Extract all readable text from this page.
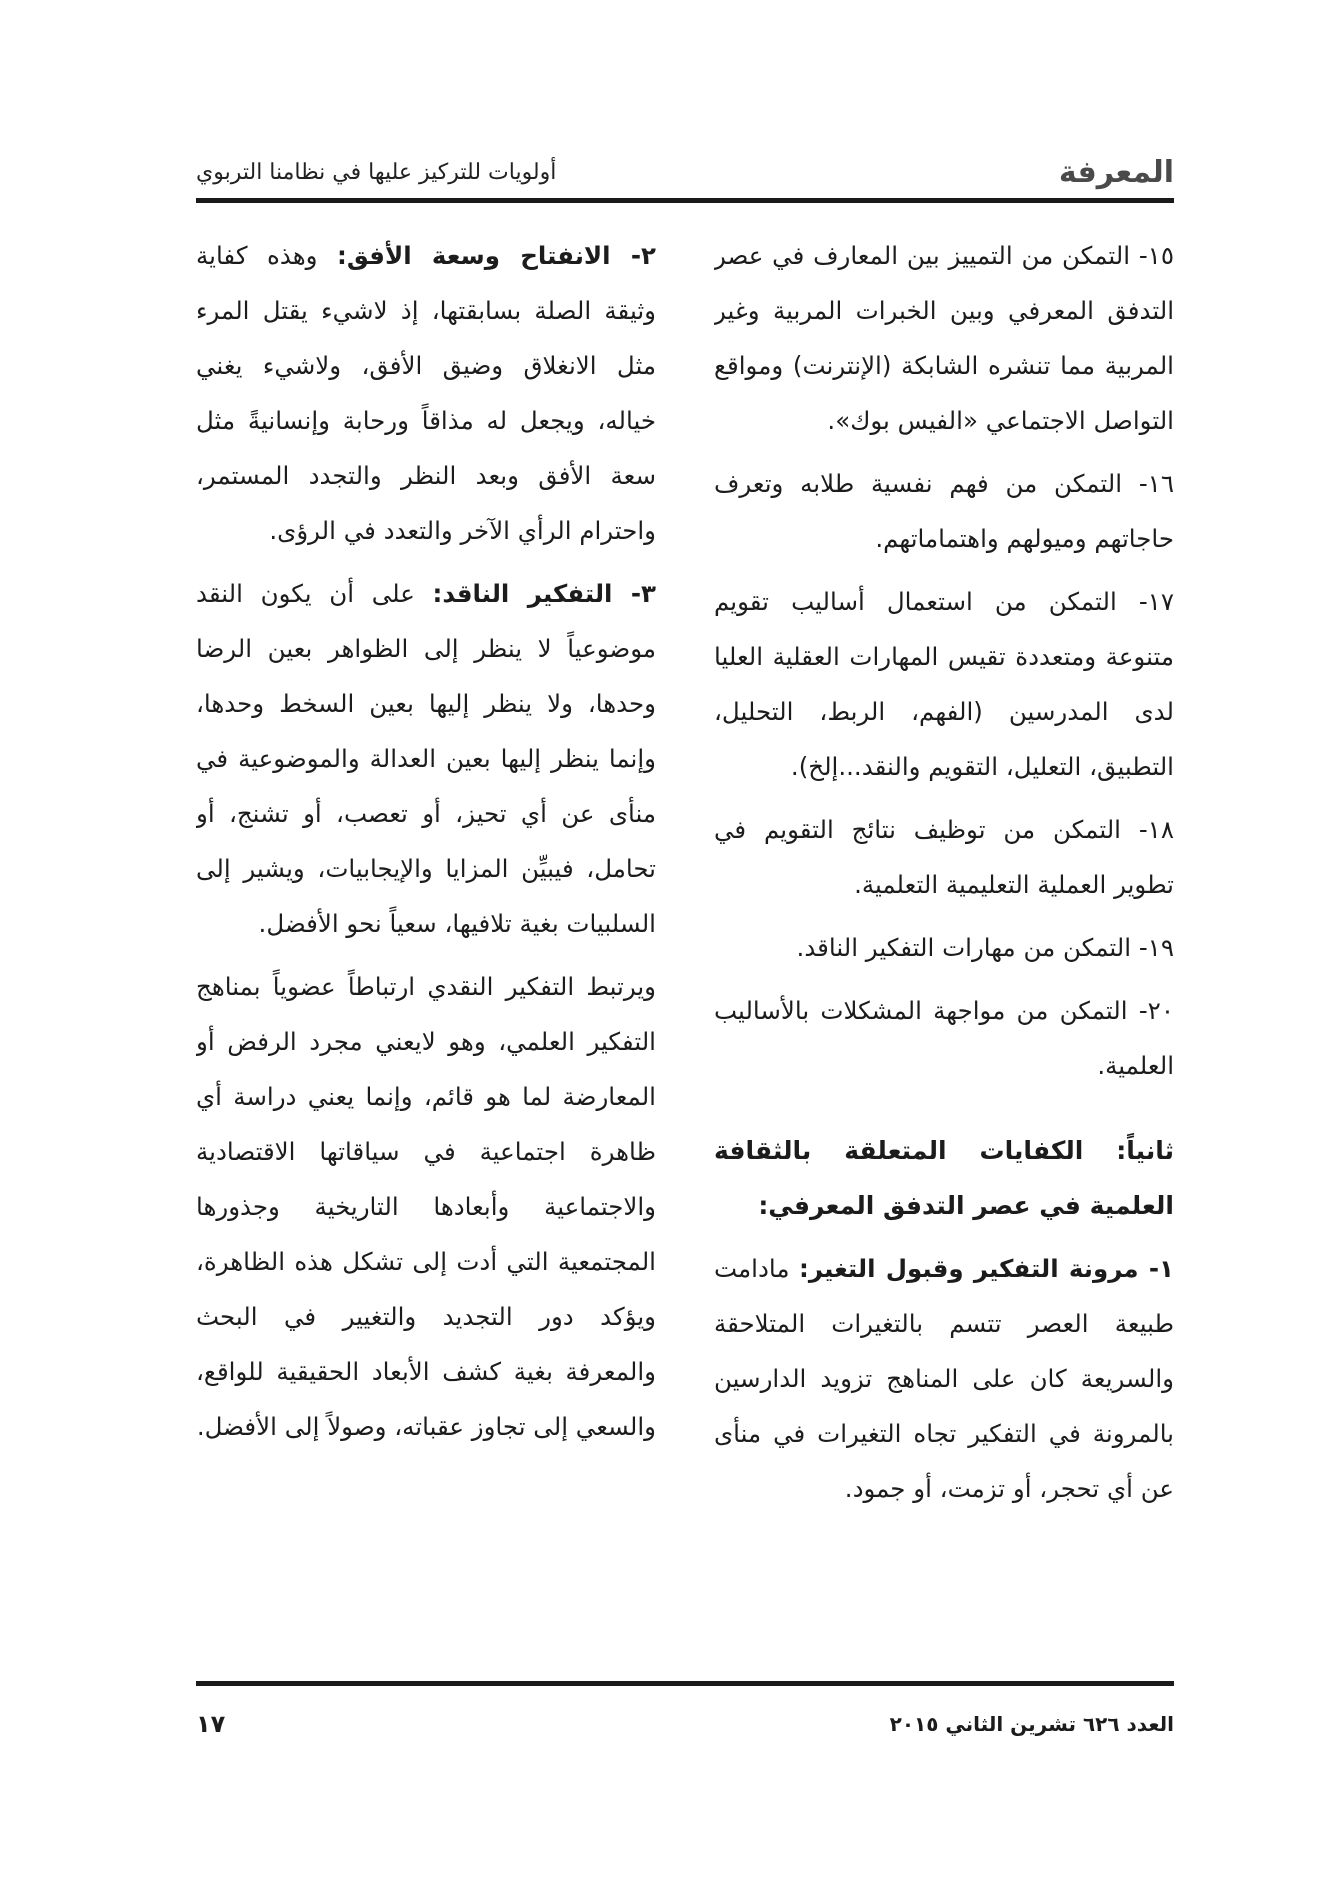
المعرفة
أولويات للتركيز عليها في نظامنا التربوي

١٥- التمكن من التمييز بين المعارف في عصر التدفق المعرفي وبين الخبرات المربية وغير المربية مما تنشره الشابكة (الإنترنت) ومواقع التواصل الاجتماعي «الفيس بوك».

١٦- التمكن من فهم نفسية طلابه وتعرف حاجاتهم وميولهم واهتماماتهم.

١٧- التمكن من استعمال أساليب تقويم متنوعة ومتعددة تقيس المهارات العقلية العليا لدى المدرسين (الفهم، الربط، التحليل، التطبيق، التعليل، التقويم والنقد...إلخ).

١٨- التمكن من توظيف نتائج التقويم في تطوير العملية التعليمية التعلمية.

١٩- التمكن من مهارات التفكير الناقد.

٢٠- التمكن من مواجهة المشكلات بالأساليب العلمية.

ثانياً: الكفايات المتعلقة بالثقافة العلمية في عصر التدفق المعرفي:

١- مرونة التفكير وقبول التغير: مادامت طبيعة العصر تتسم بالتغيرات المتلاحقة والسريعة كان على المناهج تزويد الدارسين بالمرونة في التفكير تجاه التغيرات في منأى عن أي تحجر، أو تزمت، أو جمود.

٢- الانفتاح وسعة الأفق: وهذه كفاية وثيقة الصلة بسابقتها، إذ لاشيء يقتل المرء مثل الانغلاق وضيق الأفق، ولاشيء يغني خياله، ويجعل له مذاقاً ورحابة وإنسانيةً مثل سعة الأفق وبعد النظر والتجدد المستمر، واحترام الرأي الآخر والتعدد في الرؤى.

٣- التفكير الناقد: على أن يكون النقد موضوعياً لا ينظر إلى الظواهر بعين الرضا وحدها، ولا ينظر إليها بعين السخط وحدها، وإنما ينظر إليها بعين العدالة والموضوعية في منأى عن أي تحيز، أو تعصب، أو تشنج، أو تحامل، فيبيِّن المزايا والإيجابيات، ويشير إلى السلبيات بغية تلافيها، سعياً نحو الأفضل.

ويرتبط التفكير النقدي ارتباطاً عضوياً بمناهج التفكير العلمي، وهو لايعني مجرد الرفض أو المعارضة لما هو قائم، وإنما يعني دراسة أي ظاهرة اجتماعية في سياقاتها الاقتصادية والاجتماعية وأبعادها التاريخية وجذورها المجتمعية التي أدت إلى تشكل هذه الظاهرة، ويؤكد دور التجديد والتغيير في البحث والمعرفة بغية كشف الأبعاد الحقيقية للواقع، والسعي إلى تجاوز عقباته، وصولاً إلى الأفضل.

العدد ٦٢٦ تشرين الثاني ٢٠١٥
١٧
